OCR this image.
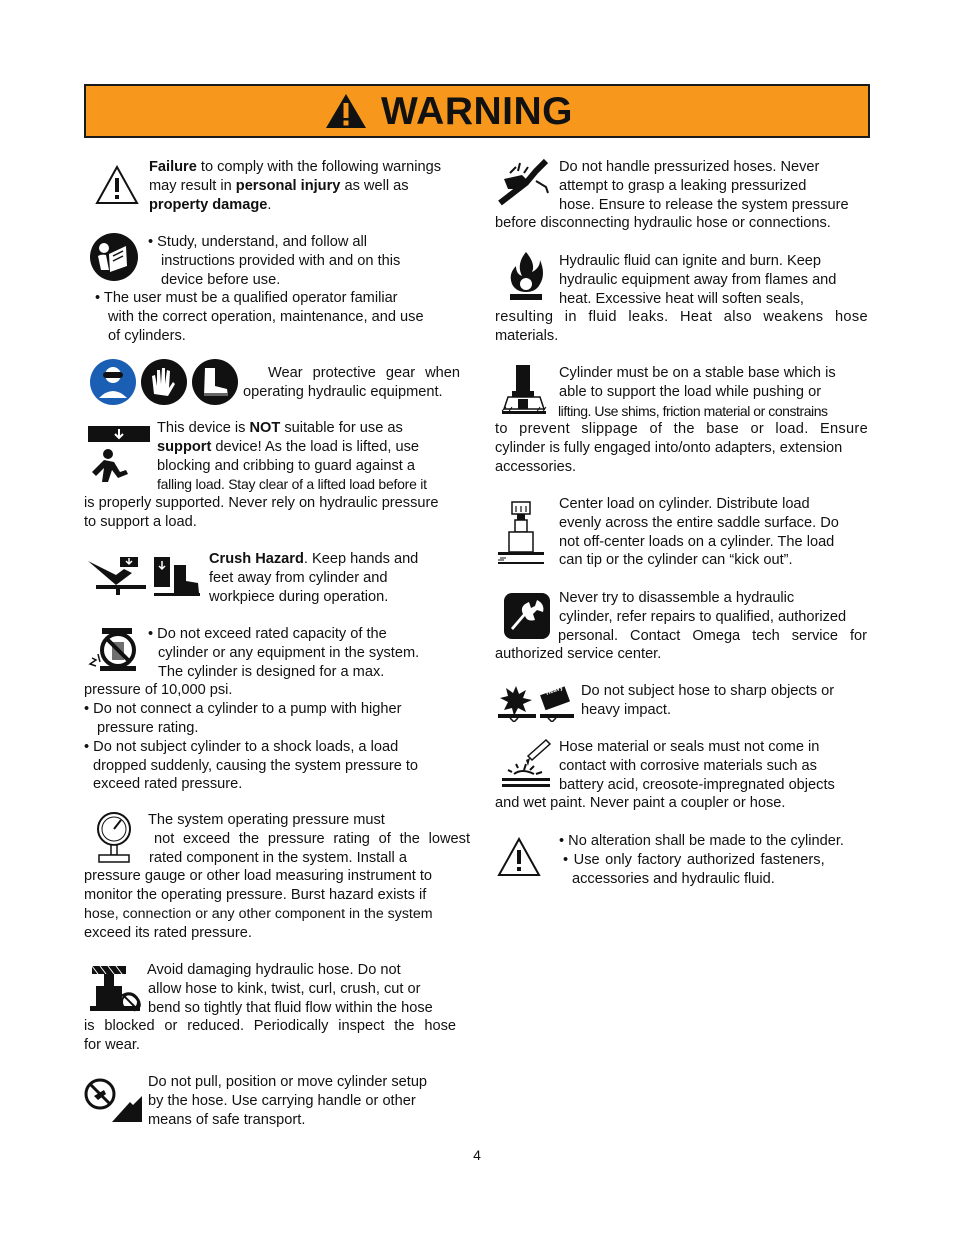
WARNING
Failure to comply with the following warnings
may result in personal injury as well as
property damage.
• Study, understand, and follow all
instructions provided with and on this
device before use.
• The user must be a qualified operator familiar
with the correct operation, maintenance, and use
of cylinders.
Wear protective gear when
operating hydraulic equipment.
This device is NOT suitable for use as
support device! As the load is lifted, use
blocking and cribbing to guard against a
falling load. Stay clear of a lifted load before it
is properly supported. Never rely on hydraulic pressure
to support a load.
Crush Hazard. Keep hands and
feet away from cylinder and
workpiece during operation.
• Do not exceed rated capacity of the
cylinder or any equipment in the system.
The cylinder is designed for a max.
pressure of 10,000 psi.
• Do not connect a cylinder to a pump with higher
pressure rating.
• Do not subject cylinder to a shock loads, a load
dropped suddenly, causing the system pressure to
exceed rated pressure.
The system operating pressure must
not exceed the pressure rating of the lowest
rated component in the system. Install a
pressure gauge or other load measuring instrument to
monitor the operating pressure. Burst hazard exists if
hose, connection or any other component in the system
exceed its rated pressure.
Avoid damaging hydraulic hose. Do not
allow hose to kink, twist, curl, crush, cut or
bend so tightly that fluid flow within the hose
is blocked or reduced. Periodically inspect the hose
for wear.
Do not pull, position or move cylinder setup
by the hose. Use carrying handle or other
means of safe transport.
Do not handle pressurized hoses. Never
attempt to grasp a leaking pressurized
hose. Ensure to release the system pressure
before disconnecting hydraulic hose or connections.
Hydraulic fluid can ignite and burn. Keep
hydraulic equipment away from flames and
heat. Excessive heat will soften seals,
resulting in fluid leaks. Heat also weakens hose
materials.
Cylinder must be on a stable base which is
able to support the load while pushing or
lifting. Use shims, friction material or constrains
to prevent slippage of the base or load. Ensure
cylinder is fully engaged into/onto adapters, extension
accessories.
Center load on cylinder. Distribute load
evenly across the entire saddle surface. Do
not off-center loads on a cylinder. The load
can tip or the cylinder can “kick out”.
Never try to disassemble a hydraulic
cylinder, refer repairs to qualified, authorized
personal. Contact Omega tech service for
authorized service center.
Heavy Do not subject hose to sharp objects or
heavy impact.
Hose material or seals must not come in
contact with corrosive materials such as
battery acid, creosote-impregnated objects
and wet paint. Never paint a coupler or hose.
• No alteration shall be made to the cylinder.
• Use only factory authorized fasteners,
accessories and hydraulic fluid.
4
